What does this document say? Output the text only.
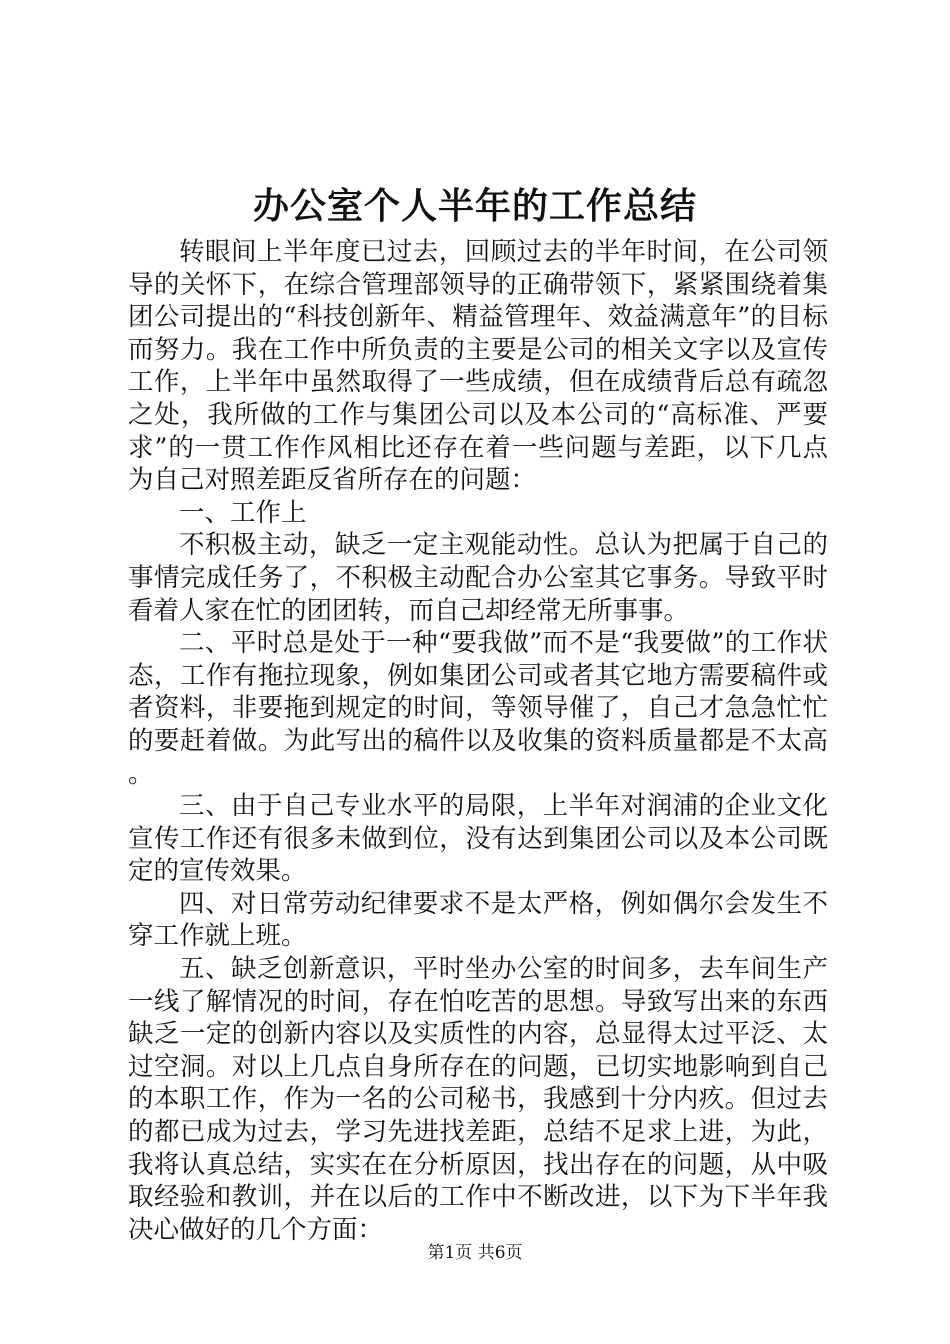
办公室个人半年的工作总结

转眼间上半年度已过去，回顾过去的半年时间，在公司领导的关怀下，在综合管理部领导的正确带领下，紧紧围绕着集团公司提出的“科技创新年、精益管理年、效益满意年”的目标而努力。我在工作中所负责的主要是公司的相关文字以及宣传工作，上半年中虽然取得了一些成绩，但在成绩背后总有疏忽之处，我所做的工作与集团公司以及本公司的“高标准、严要求”的一贯工作作风相比还存在着一些问题与差距，以下几点为自己对照差距反省所存在的问题：

一、工作上

不积极主动，缺乏一定主观能动性。总认为把属于自己的事情完成任务了，不积极主动配合办公室其它事务。导致平时看着人家在忙的团团转，而自己却经常无所事事。

二、平时总是处于一种“要我做”而不是“我要做”的工作状态，工作有拖拉现象，例如集团公司或者其它地方需要稿件或者资料，非要拖到规定的时间，等领导催了，自己才急急忙忙的要赶着做。为此写出的稿件以及收集的资料质量都是不太高。

三、由于自己专业水平的局限，上半年对润浦的企业文化宣传工作还有很多未做到位，没有达到集团公司以及本公司既定的宣传效果。

四、对日常劳动纪律要求不是太严格，例如偶尔会发生不穿工作就上班。

五、缺乏创新意识，平时坐办公室的时间多，去车间生产一线了解情况的时间，存在怕吃苦的思想。导致写出来的东西缺乏一定的创新内容以及实质性的内容，总显得太过平泛、太过空洞。对以上几点自身所存在的问题，已切实地影响到自己的本职工作，作为一名的公司秘书，我感到十分内疚。但过去的都已成为过去，学习先进找差距，总结不足求上进，为此，我将认真总结，实实在在分析原因，找出存在的问题，从中吸取经验和教训，并在以后的工作中不断改进，以下为下半年我决心做好的几个方面：

第1页 共6页
